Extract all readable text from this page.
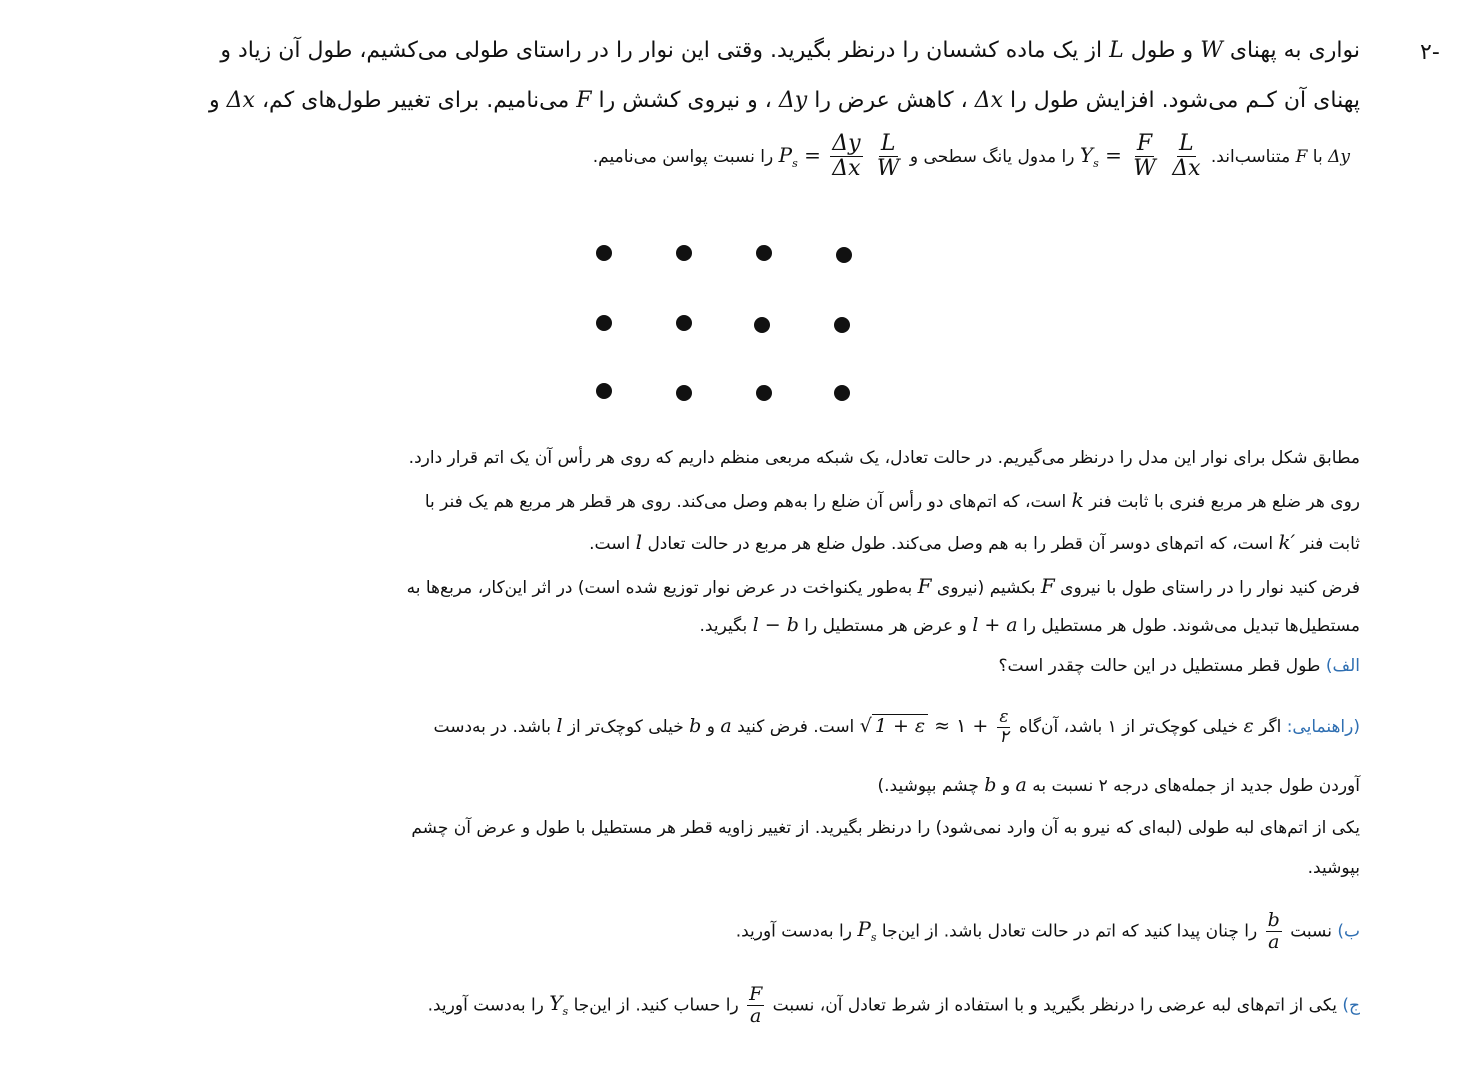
-۲
نواری به پهنای W و طول L از یک ماده کشسان را درنظر بگیرید. وقتی این نوار را در راستای طولی می‌کشیم، طول آن زیاد و
پهنای آن کـم می‌شود. افزایش طول را Δx ، کاهش عرض را Δy ، و نیروی کشش را F می‌نامیم. برای تغییر طول‌های کم، Δx و
Δy با F متناسب‌اند. $Y_s = \frac{F}{W}$
$\frac{L}{\Delta x}$
را مدول یانگ سطحی و $P_s = \frac{\Delta y}{\Delta x}$
$\frac{L}{W}$
را نسبت پواسن می‌نامیم.
مطابق شکل برای نوار این مدل را درنظر می‌گیریم. در حالت تعادل، یک شبکه مربعی منظم داریم که روی هر رأس آن یک اتم قرار دارد.
روی هر ضلع هر مربع فنری با ثابت فنر k است، که اتم‌های دو رأس آن ضلع را به‌هم وصل می‌کند. روی هر قطر هر مربع هم یک فنر با
ثابت فنر k′ است، که اتم‌های دوسر آن قطر را به هم وصل می‌کند. طول ضلع هر مربع در حالت تعادل l است.
فرض کنید نوار را در راستای طول با نیروی F بکشیم (نیروی F به‌طور یکنواخت در عرض نوار توزیع شده است) در اثر این‌کار، مربع‌ها به
مستطیل‌ها تبدیل می‌شوند. طول هر مستطیل را l + a و عرض هر مستطیل را l − b بگیرید.
الف) طول قطر مستطیل در این حالت چقدر است؟
(راهنمایی: اگر ε خیلی کوچک‌تر از ۱ باشد، آن‌گاه √ 1 + ε ≈ ۱ + $\frac{\varepsilon}{۲}$
است. فرض کنید a و b خیلی کوچک‌تر از l باشد. در به‌دست
آوردن طول جدید از جمله‌های درجه ۲ نسبت به a و b چشم بپوشید.)
یکی از اتم‌های لبه طولی (لبه‌ای که نیرو به آن وارد نمی‌شود) را درنظر بگیرید. از تغییر زاویه قطر هر مستطیل با طول و عرض آن چشم
بپوشید.
ب) نسبت
$\frac{b}{a}$
را چنان پیدا کنید که اتم در حالت تعادل باشد. از این‌جا $P_s$ را به‌دست آورید.
ج) یکی از اتم‌های لبه عرضی را درنظر بگیرید و با استفاده از شرط تعادل آن، نسبت
$\frac{F}{a}$
را حساب کنید. از این‌جا $Y_s$ را به‌دست آورید.
